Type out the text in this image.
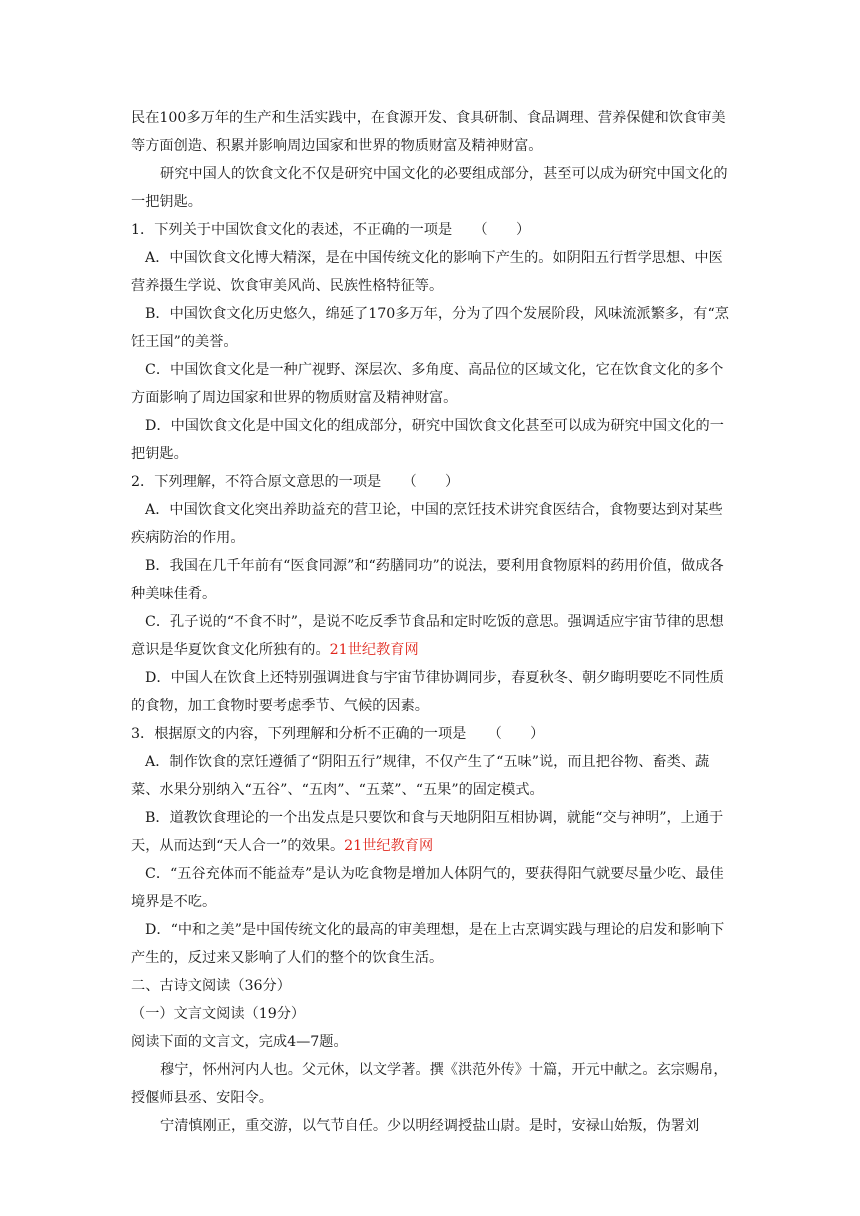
民在100多万年的生产和生活实践中，在食源开发、食具研制、食品调理、营养保健和饮食审美等方面创造、积累并影响周边国家和世界的物质财富及精神财富。

研究中国人的饮食文化不仅是研究中国文化的必要组成部分，甚至可以成为研究中国文化的一把钥匙。

1．下列关于中国饮食文化的表述，不正确的一项是　　（　　）

A．中国饮食文化博大精深，是在中国传统文化的影响下产生的。如阴阳五行哲学思想、中医营养摄生学说、饮食审美风尚、民族性格特征等。

B．中国饮食文化历史悠久，绵延了170多万年，分为了四个发展阶段，风味流派繁多，有“烹饪王国”的美誉。

C．中国饮食文化是一种广视野、深层次、多角度、高品位的区域文化，它在饮食文化的多个方面影响了周边国家和世界的物质财富及精神财富。

D．中国饮食文化是中国文化的组成部分，研究中国饮食文化甚至可以成为研究中国文化的一把钥匙。

2．下列理解，不符合原文意思的一项是　　（　　）

A．中国饮食文化突出养助益充的营卫论，中国的烹饪技术讲究食医结合，食物要达到对某些疾病防治的作用。

B．我国在几千年前有“医食同源”和“药膳同功”的说法，要利用食物原料的药用价值，做成各种美味佳肴。

C．孔子说的“不食不时”，是说不吃反季节食品和定时吃饭的意思。强调适应宇宙节律的思想意识是华夏饮食文化所独有的。21世纪教育网

D．中国人在饮食上还特别强调进食与宇宙节律协调同步，春夏秋冬、朝夕晦明要吃不同性质的食物，加工食物时要考虑季节、气候的因素。

3．根据原文的内容，下列理解和分析不正确的一项是　　（　　）

A．制作饮食的烹饪遵循了“阴阳五行”规律，不仅产生了“五味”说，而且把谷物、畜类、蔬菜、水果分别纳入“五谷”、“五肉”、“五菜”、“五果”的固定模式。

B．道教饮食理论的一个出发点是只要饮和食与天地阴阳互相协调，就能“交与神明”，上通于天，从而达到“天人合一”的效果。21世纪教育网

C．“五谷充体而不能益寿”是认为吃食物是增加人体阴气的，要获得阳气就要尽量少吃、最佳境界是不吃。

D．“中和之美”是中国传统文化的最高的审美理想，是在上古烹调实践与理论的启发和影响下产生的，反过来又影响了人们的整个的饮食生活。

二、古诗文阅读（36分）

（一）文言文阅读（19分）

阅读下面的文言文，完成4—7题。

穆宁，怀州河内人也。父元休，以文学著。撰《洪范外传》十篇，开元中献之。玄宗赐帛，授偃师县丞、安阳令。

宁清慎刚正，重交游，以气节自任。少以明经调授盐山尉。是时，安禄山始叛，伪署刘
